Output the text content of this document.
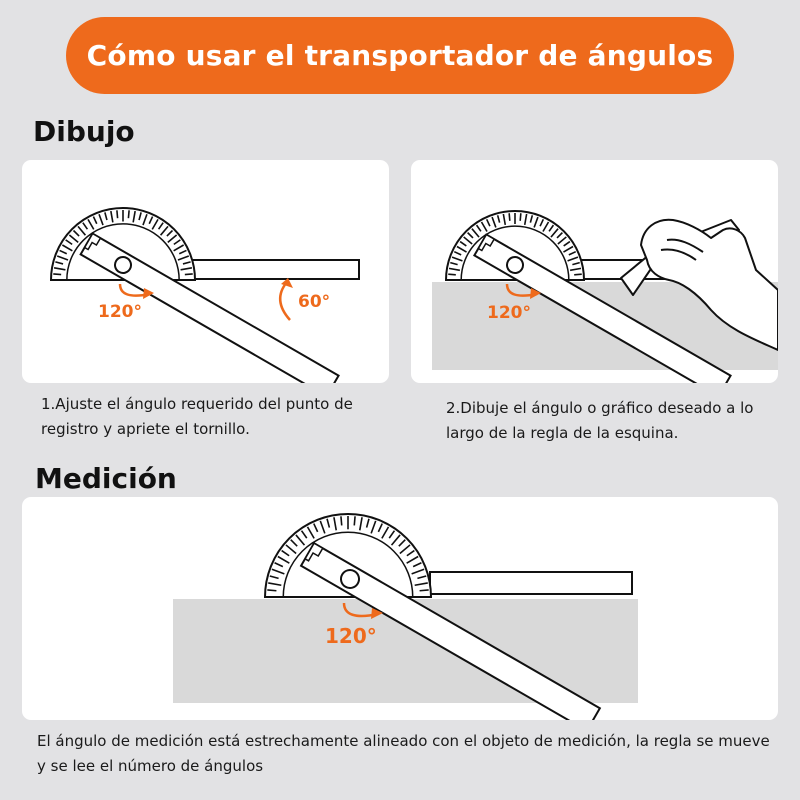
Cómo usar el transportador de ángulos
Dibujo
120°	60°
120°

1.Ajuste el ángulo requerido del punto de
registro y apriete el tornillo.

2.Dibuje el ángulo o gráfico deseado a lo
largo de la regla de la esquina.

Medición
120°

El ángulo de medición está estrechamente alineado con el objeto de medición, la regla se mueve
y se lee el número de ángulos
